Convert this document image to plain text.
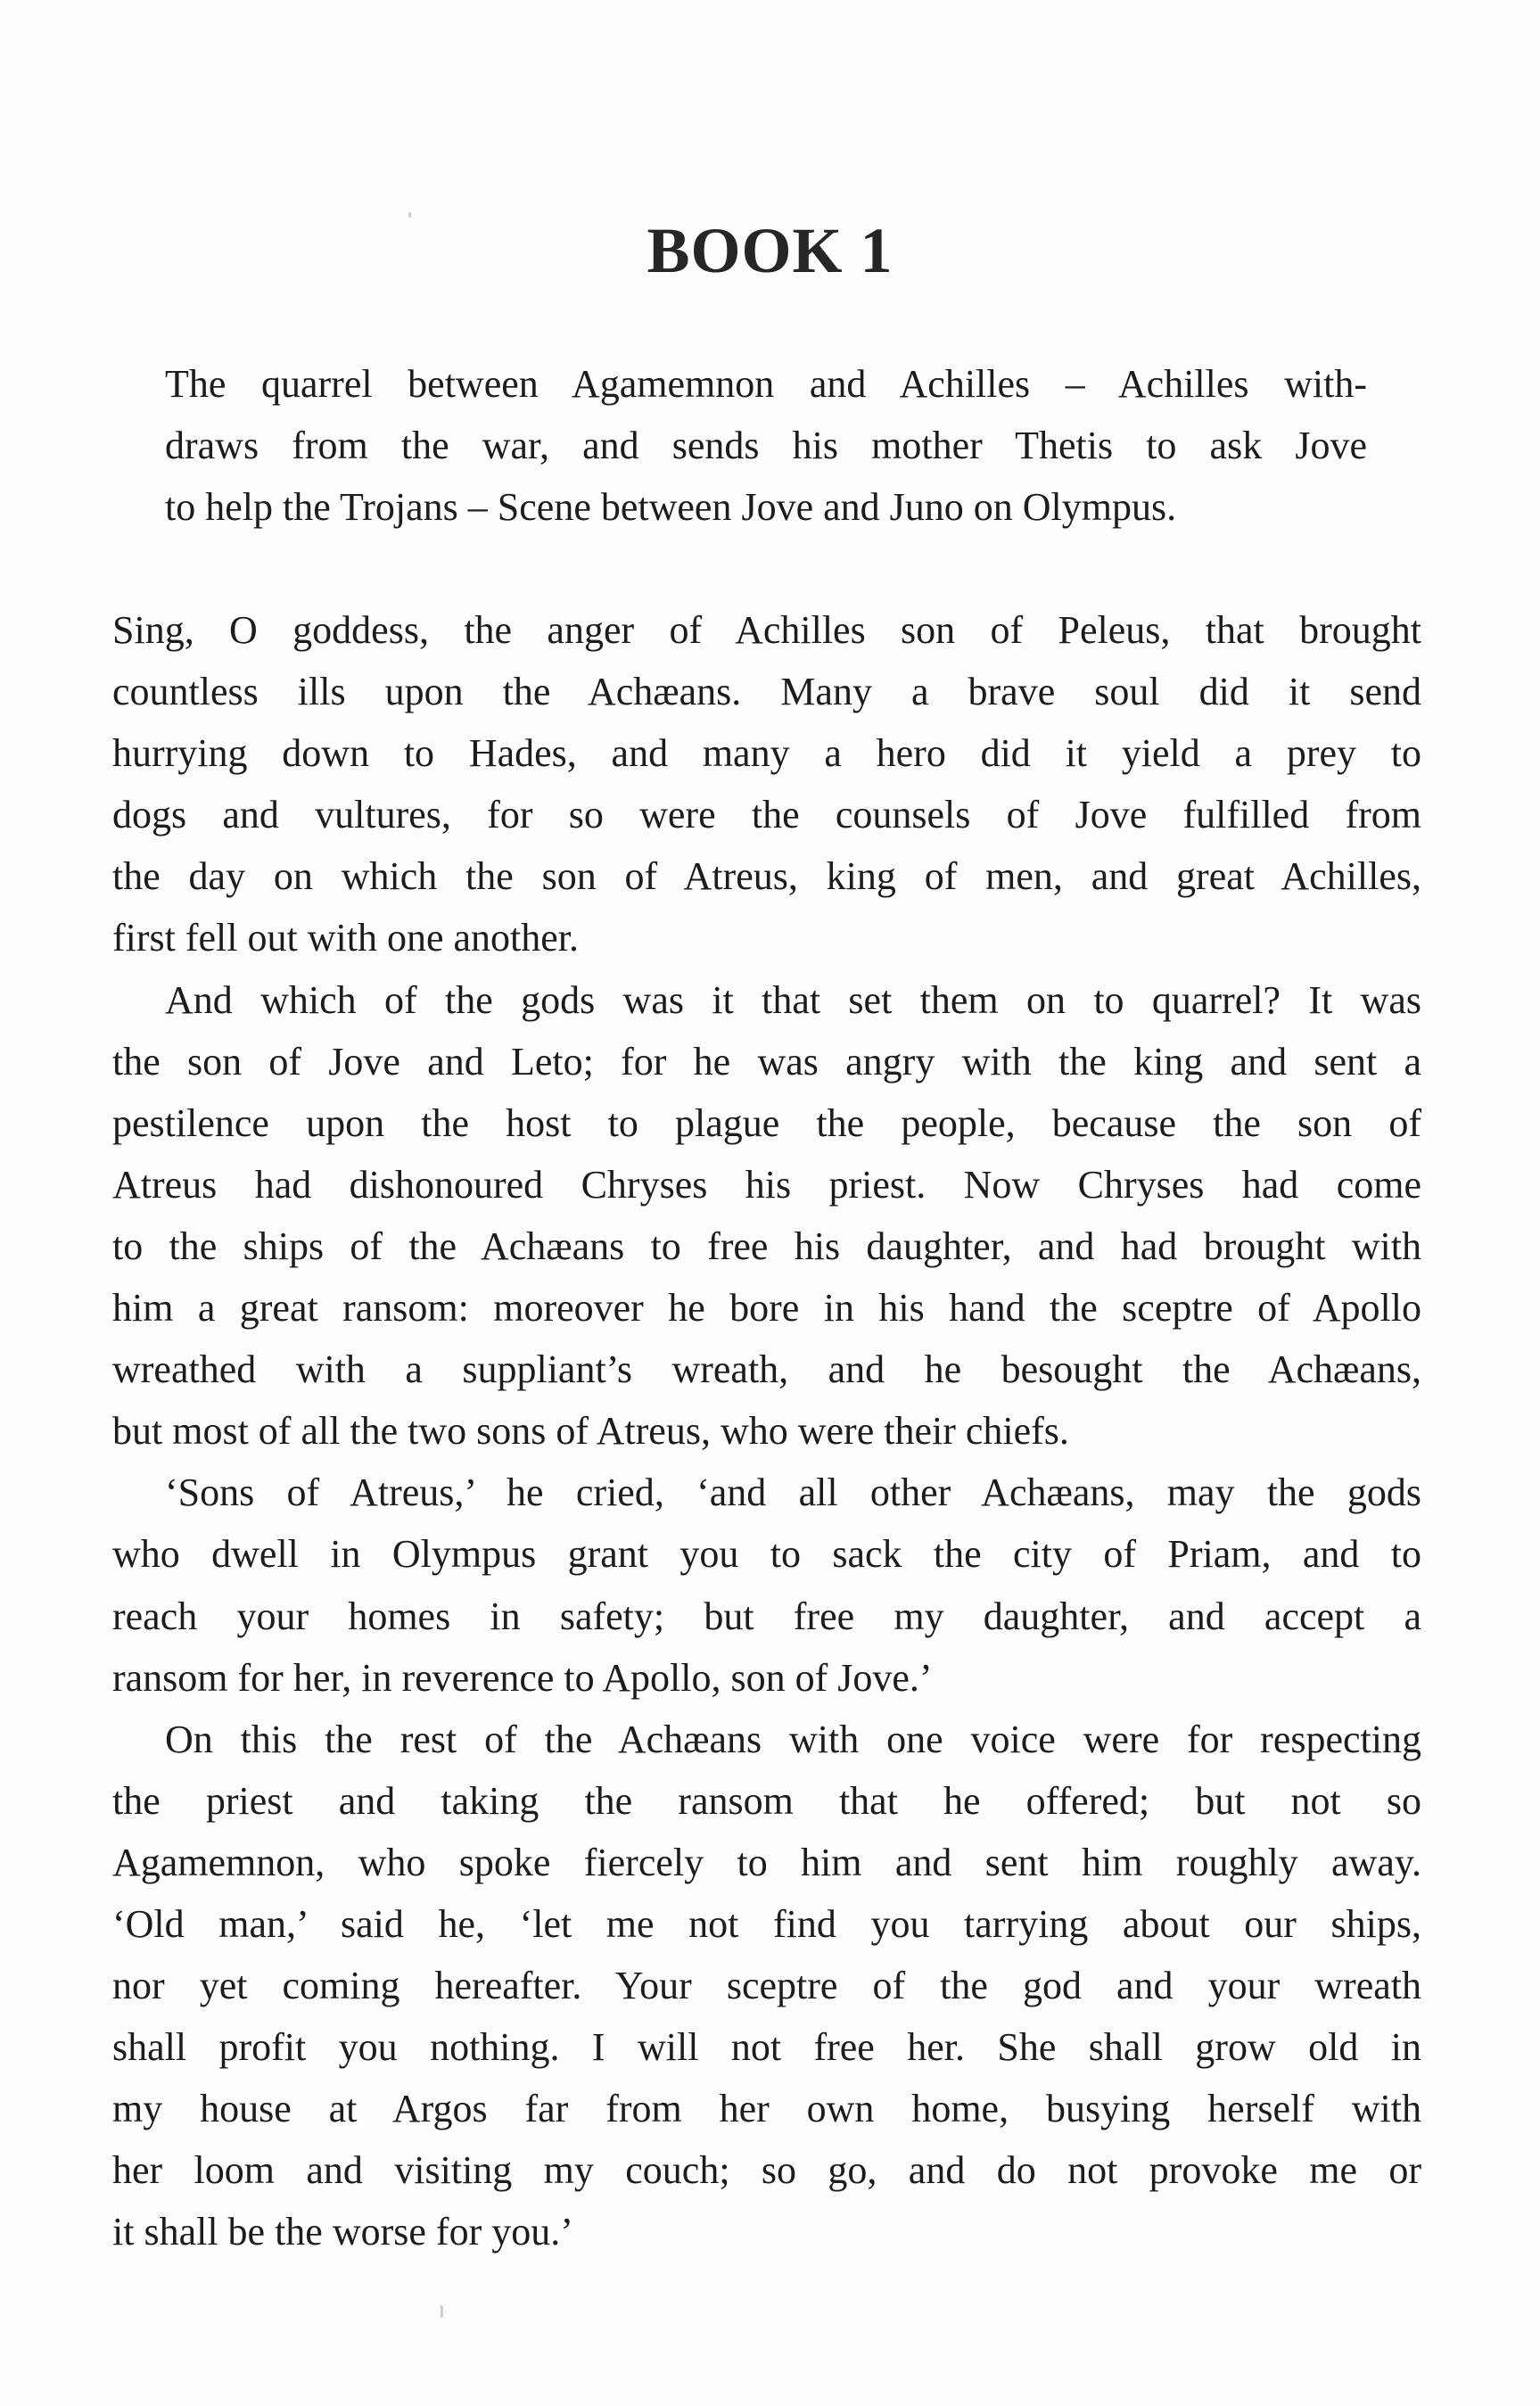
BOOK 1
The quarrel between Agamemnon and Achilles – Achilles with-
draws from the war, and sends his mother Thetis to ask Jove
to help the Trojans – Scene between Jove and Juno on Olympus.
Sing, O goddess, the anger of Achilles son of Peleus, that brought
countless ills upon the Achæans. Many a brave soul did it send
hurrying down to Hades, and many a hero did it yield a prey to
dogs and vultures, for so were the counsels of Jove fulfilled from
the day on which the son of Atreus, king of men, and great Achilles,
first fell out with one another.
And which of the gods was it that set them on to quarrel? It was
the son of Jove and Leto; for he was angry with the king and sent a
pestilence upon the host to plague the people, because the son of
Atreus had dishonoured Chryses his priest. Now Chryses had come
to the ships of the Achæans to free his daughter, and had brought with
him a great ransom: moreover he bore in his hand the sceptre of Apollo
wreathed with a suppliant’s wreath, and he besought the Achæans,
but most of all the two sons of Atreus, who were their chiefs.
‘Sons of Atreus,’ he cried, ‘and all other Achæans, may the gods
who dwell in Olympus grant you to sack the city of Priam, and to
reach your homes in safety; but free my daughter, and accept a
ransom for her, in reverence to Apollo, son of Jove.’
On this the rest of the Achæans with one voice were for respecting
the priest and taking the ransom that he offered; but not so
Agamemnon, who spoke fiercely to him and sent him roughly away.
‘Old man,’ said he, ‘let me not find you tarrying about our ships,
nor yet coming hereafter. Your sceptre of the god and your wreath
shall profit you nothing. I will not free her. She shall grow old in
my house at Argos far from her own home, busying herself with
her loom and visiting my couch; so go, and do not provoke me or
it shall be the worse for you.’
